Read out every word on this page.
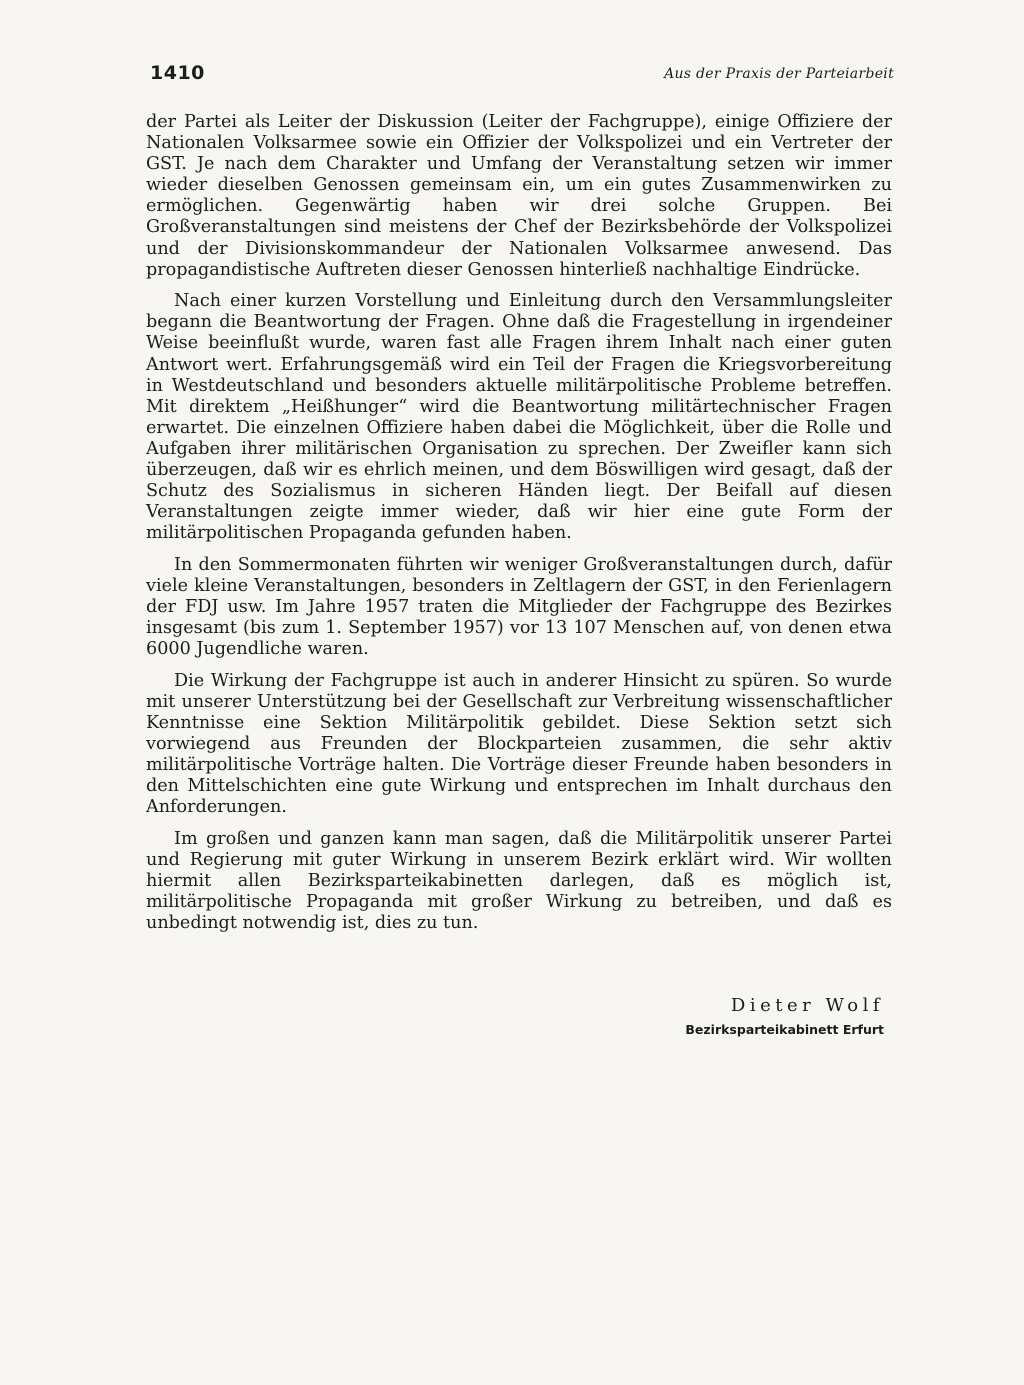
1410	Aus der Praxis der Parteiarbeit

der Partei als Leiter der Diskussion (Leiter der Fachgruppe), einige Offiziere der Nationalen Volksarmee sowie ein Offizier der Volkspolizei und ein Vertreter der GST. Je nach dem Charakter und Umfang der Veranstaltung setzen wir immer wieder dieselben Genossen gemeinsam ein, um ein gutes Zusammenwirken zu ermöglichen. Gegenwärtig haben wir drei solche Gruppen. Bei Großveranstaltungen sind meistens der Chef der Bezirksbehörde der Volkspolizei und der Divisionskommandeur der Nationalen Volksarmee anwesend. Das propagandistische Auftreten dieser Genossen hinterließ nachhaltige Eindrücke.

Nach einer kurzen Vorstellung und Einleitung durch den Versammlungsleiter begann die Beantwortung der Fragen. Ohne daß die Fragestellung in irgendeiner Weise beeinflußt wurde, waren fast alle Fragen ihrem Inhalt nach einer guten Antwort wert. Erfahrungsgemäß wird ein Teil der Fragen die Kriegsvorbereitung in Westdeutschland und besonders aktuelle militärpolitische Probleme betreffen. Mit direktem „Heißhunger“ wird die Beantwortung militärtechnischer Fragen erwartet. Die einzelnen Offiziere haben dabei die Möglichkeit, über die Rolle und Aufgaben ihrer militärischen Organisation zu sprechen. Der Zweifler kann sich überzeugen, daß wir es ehrlich meinen, und dem Böswilligen wird gesagt, daß der Schutz des Sozialismus in sicheren Händen liegt. Der Beifall auf diesen Veranstaltungen zeigte immer wieder, daß wir hier eine gute Form der militärpolitischen Propaganda gefunden haben.

In den Sommermonaten führten wir weniger Großveranstaltungen durch, dafür viele kleine Veranstaltungen, besonders in Zeltlagern der GST, in den Ferienlagern der FDJ usw. Im Jahre 1957 traten die Mitglieder der Fachgruppe des Bezirkes insgesamt (bis zum 1. September 1957) vor 13 107 Menschen auf, von denen etwa 6000 Jugendliche waren.

Die Wirkung der Fachgruppe ist auch in anderer Hinsicht zu spüren. So wurde mit unserer Unterstützung bei der Gesellschaft zur Verbreitung wissenschaftlicher Kenntnisse eine Sektion Militärpolitik gebildet. Diese Sektion setzt sich vorwiegend aus Freunden der Blockparteien zusammen, die sehr aktiv militärpolitische Vorträge halten. Die Vorträge dieser Freunde haben besonders in den Mittelschichten eine gute Wirkung und entsprechen im Inhalt durchaus den Anforderungen.

Im großen und ganzen kann man sagen, daß die Militärpolitik unserer Partei und Regierung mit guter Wirkung in unserem Bezirk erklärt wird. Wir wollten hiermit allen Bezirksparteikabinetten darlegen, daß es möglich ist, militärpolitische Propaganda mit großer Wirkung zu betreiben, und daß es unbedingt notwendig ist, dies zu tun.

Dieter Wolf

Bezirksparteikabinett Erfurt
